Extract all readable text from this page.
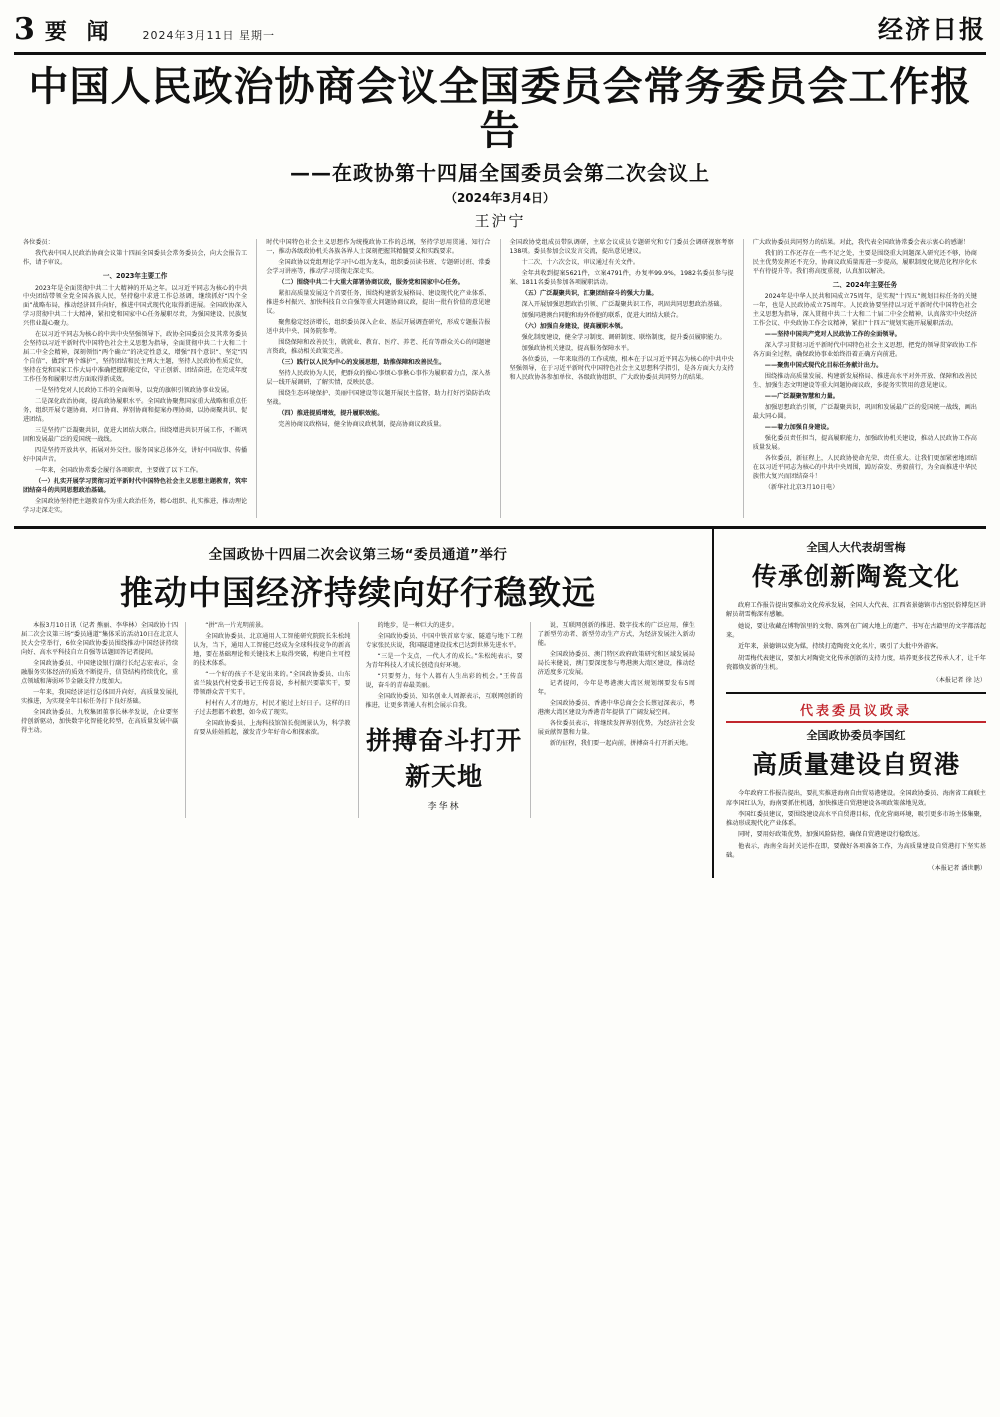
3 要 闻	2024年3月11日 星期一	经济日报
中国人民政治协商会议全国委员会常务委员会工作报告
——在政协第十四届全国委员会第二次会议上
（2024年3月4日）
王沪宁

各位委员：

我代表中国人民政治协商会议第十四届全国委员会常务委员会，向大会报告工作，请予审议。

一、2023年主要工作

2023年是全面贯彻中共二十大精神的开局之年。以习近平同志为核心的中共中央团结带领全党全国各族人民，坚持稳中求进工作总基调，继续抓好“四个全面”战略布局，推动经济回升向好，推进中国式现代化取得新进展。全国政协深入学习贯彻中共二十大精神，紧扣党和国家中心任务履职尽责，为强国建设、民族复兴伟业凝心聚力。

在以习近平同志为核心的中共中央坚强领导下，政协全国委员会及其常务委员会坚持以习近平新时代中国特色社会主义思想为指导，全面贯彻中共二十大和二十届二中全会精神，深刻领悟“两个确立”的决定性意义，增强“四个意识”、坚定“四个自信”、做到“两个维护”，坚持团结和民主两大主题，坚持人民政协性质定位，坚持在党和国家工作大局中准确把握职能定位，守正创新、团结奋进，在完成年度工作任务和履职尽责方面取得新成效。

一是坚持党对人民政协工作的全面领导，以党的旗帜引领政协事业发展。

二是深化政治协商，提高政协履职水平。全国政协聚焦国家重大战略和重点任务，组织开展专题协商、对口协商、界别协商和提案办理协商，以协商聚共识、促进团结。

三是坚持广泛凝聚共识，促进大团结大联合。围绕增进共识开展工作，不断巩固和发展最广泛的爱国统一战线。

四是坚持开放共享，拓展对外交往。服务国家总体外交，讲好中国故事、传播好中国声音。

一年来，全国政协常委会履行各项职责，主要做了以下工作。

（一）扎实开展学习贯彻习近平新时代中国特色社会主义思想主题教育，筑牢团结奋斗的共同思想政治基础。

全国政协坚持把主题教育作为重大政治任务，精心组织、扎实推进，推动理论学习走深走实。

时代中国特色社会主义思想作为统揽政协工作的总纲，坚持学思用贯通、知行合一，推动各级政协机关各族各界人士深刻把握其精髓要义和实践要求。

全国政协以党组理论学习中心组为龙头，组织委员读书班、专题研讨班、常委会学习讲座等，推动学习贯彻走深走实。

（二）围绕中共二十大重大部署协商议政，服务党和国家中心任务。

紧扣高质量发展这个首要任务，围绕构建新发展格局、建设现代化产业体系、推进乡村振兴、加快科技自立自强等重大问题协商议政，提出一批有价值的意见建议。

聚焦稳定经济增长，组织委员深入企业、基层开展调查研究，形成专题报告报送中共中央、国务院参考。

围绕保障和改善民生，就就业、教育、医疗、养老、托育等群众关心的问题建言资政，推动相关政策完善。

（三）践行以人民为中心的发展思想，助推保障和改善民生。

坚持人民政协为人民，把群众的操心事烦心事揪心事作为履职着力点，深入基层一线开展调研，了解实情，反映民意。

围绕生态环境保护、美丽中国建设等议题开展民主监督，助力打好污染防治攻坚战。

（四）推进提质增效，提升履职效能。

完善协商议政格局，健全协商议政机制，提高协商议政质量。

全国政协党组成员带队调研，主席会议成员专题研究和专门委员会调研视察考察138项。委员参加会议发言交流，提出意见建议。

十二次、十六次会议，审议通过有关文件。

全年共收到提案5621件，立案4791件，办复率99.9%，1982名委员参与提案、1811名委员参加各项履职活动。

（五）广泛凝聚共识，汇聚团结奋斗的强大力量。

深入开展加强思想政治引领、广泛凝聚共识工作，巩固共同思想政治基础。

加强同港澳台同胞和海外侨胞的联系，促进大团结大联合。

（六）加强自身建设，提高履职本领。

强化制度建设，健全学习制度、调研制度、联络制度，提升委员履职能力。

加强政协机关建设，提高服务保障水平。

各位委员，一年来取得的工作成绩，根本在于以习近平同志为核心的中共中央坚强领导，在于习近平新时代中国特色社会主义思想科学指引，是各方面大力支持和人民政协各参加单位、各级政协组织、广大政协委员共同努力的结果。

广大政协委员共同努力的结果。对此，我代表全国政协常委会表示衷心的感谢！

我们的工作还存在一些不足之处，主要是围绕重大问题深入研究还不够，协商民主优势发挥还不充分，协商议政质量需进一步提高，履职制度化规范化程序化水平有待提升等。我们将高度重视，认真加以解决。

二、2024年主要任务

2024年是中华人民共和国成立75周年，是实现“十四五”规划目标任务的关键一年，也是人民政协成立75周年。人民政协要坚持以习近平新时代中国特色社会主义思想为指导，深入贯彻中共二十大和二十届二中全会精神，认真落实中央经济工作会议、中央政协工作会议精神，紧扣“十四五”规划实施开展履职活动。

——坚持中国共产党对人民政协工作的全面领导。

深入学习贯彻习近平新时代中国特色社会主义思想，把党的领导贯穿政协工作各方面全过程，确保政协事业始终沿着正确方向前进。

——聚焦中国式现代化目标任务献计出力。

围绕推动高质量发展、构建新发展格局、推进高水平对外开放、保障和改善民生、加强生态文明建设等重大问题协商议政，多提务实管用的意见建议。

——广泛凝聚智慧和力量。

加强思想政治引领，广泛凝聚共识，巩固和发展最广泛的爱国统一战线，画出最大同心圆。

——着力加强自身建设。

强化委员责任担当，提高履职能力，加强政协机关建设，推动人民政协工作高质量发展。

各位委员，新征程上，人民政协使命光荣、责任重大。让我们更加紧密地团结在以习近平同志为核心的中共中央周围，踔厉奋发、勇毅前行，为全面推进中华民族伟大复兴而团结奋斗！

（新华社北京3月10日电）

全国政协十四届二次会议第三场“委员通道”举行
推动中国经济持续向好行稳致远

本报3月10日讯（记者 熊丽、李华林）全国政协十四届二次会议第三场“委员通道”集体采访活动10日在北京人民大会堂举行，6位全国政协委员围绕推动中国经济持续向好、高水平科技自立自强等话题回答记者提问。

全国政协委员、中国建设银行副行长纪志宏表示，金融服务实体经济的质效不断提升，信贷结构持续优化，重点领域和薄弱环节金融支持力度加大。

一年来，我国经济运行总体回升向好，高质量发展扎实推进，为实现全年目标任务打下良好基础。

全国政协委员、九牧集团董事长林孝发说，企业要坚持创新驱动，加快数字化智能化转型，在高质量发展中赢得主动。

“拼”出一片光明前景。

全国政协委员、北京通用人工智能研究院院长朱松纯认为，当下，通用人工智能已经成为全球科技竞争的新高地，要在基础理论和关键技术上取得突破，构建自主可控的技术体系。

“一个好的孩子不是宠出来的。”全国政协委员、山东省兰陵县代村党委书记王传喜说，乡村振兴要靠实干，要带领群众苦干实干。

村村有人才的地方，村民才能过上好日子。这样的日子过去想都不敢想，如今成了现实。

全国政协委员、上海科技馆馆长倪闽景认为，科学教育要从娃娃抓起，激发青少年好奇心和探索欲。

的地步，是一种巨大的进步。

全国政协委员、中国中铁首席专家、隧道与地下工程专家张民庆说，我国隧道建设技术已达到世界先进水平。

“三是一个支点，一代人才的成长。”朱松纯表示，要为青年科技人才成长创造良好环境。

“只要努力，每个人都有人生出彩的机会。”王传喜说，奋斗的青春最美丽。

全国政协委员、知名创业人周源表示，互联网创新的推进，让更多普通人有机会展示自我。

拼搏奋斗打开新天地
李华林

说，互联网创新的推进、数字技术的广泛应用，催生了新型劳动者、新型劳动生产方式，为经济发展注入新动能。

全国政协委员、澳门特区政府政策研究和区域发展局局长米健说，澳门要深度参与粤港澳大湾区建设，推动经济适度多元发展。

记者提问，今年是粤港澳大湾区规划纲要发布5周年。

全国政协委员、香港中华总商会会长蔡冠深表示，粤港澳大湾区建设为香港青年提供了广阔发展空间。

各位委员表示，将继续发挥界别优势，为经济社会发展贡献智慧和力量。

新的征程，我们要一起向前，拼搏奋斗打开新天地。

全国人大代表胡雪梅
传承创新陶瓷文化

政府工作报告提出要推动文化传承发展，全国人大代表、江西省景德镇市古窑民俗博览区讲解员胡雪梅深有感触。

她说，要让收藏在博物馆里的文物、陈列在广阔大地上的遗产、书写在古籍里的文字都活起来。

近年来，景德镇以瓷为媒，持续打造陶瓷文化名片，吸引了大批中外游客。

胡雪梅代表建议，要加大对陶瓷文化传承创新的支持力度，培养更多技艺传承人才，让千年瓷都焕发新的生机。

（本报记者 徐 达）
代表委员议政录
全国政协委员李国红
高质量建设自贸港

今年政府工作报告提出，要扎实推进海南自由贸易港建设。全国政协委员、海南省工商联主席李国红认为，海南要抓住机遇，加快推进自贸港建设各项政策落地见效。

李国红委员建议，要围绕建设高水平自贸港目标，优化营商环境，吸引更多市场主体集聚，推动形成现代化产业体系。

同时，要用好政策优势，加强风险防控，确保自贸港建设行稳致远。

他表示，海南全岛封关运作在即，要做好各项准备工作，为高质量建设自贸港打下坚实基础。

（本报记者 潘世鹏）
